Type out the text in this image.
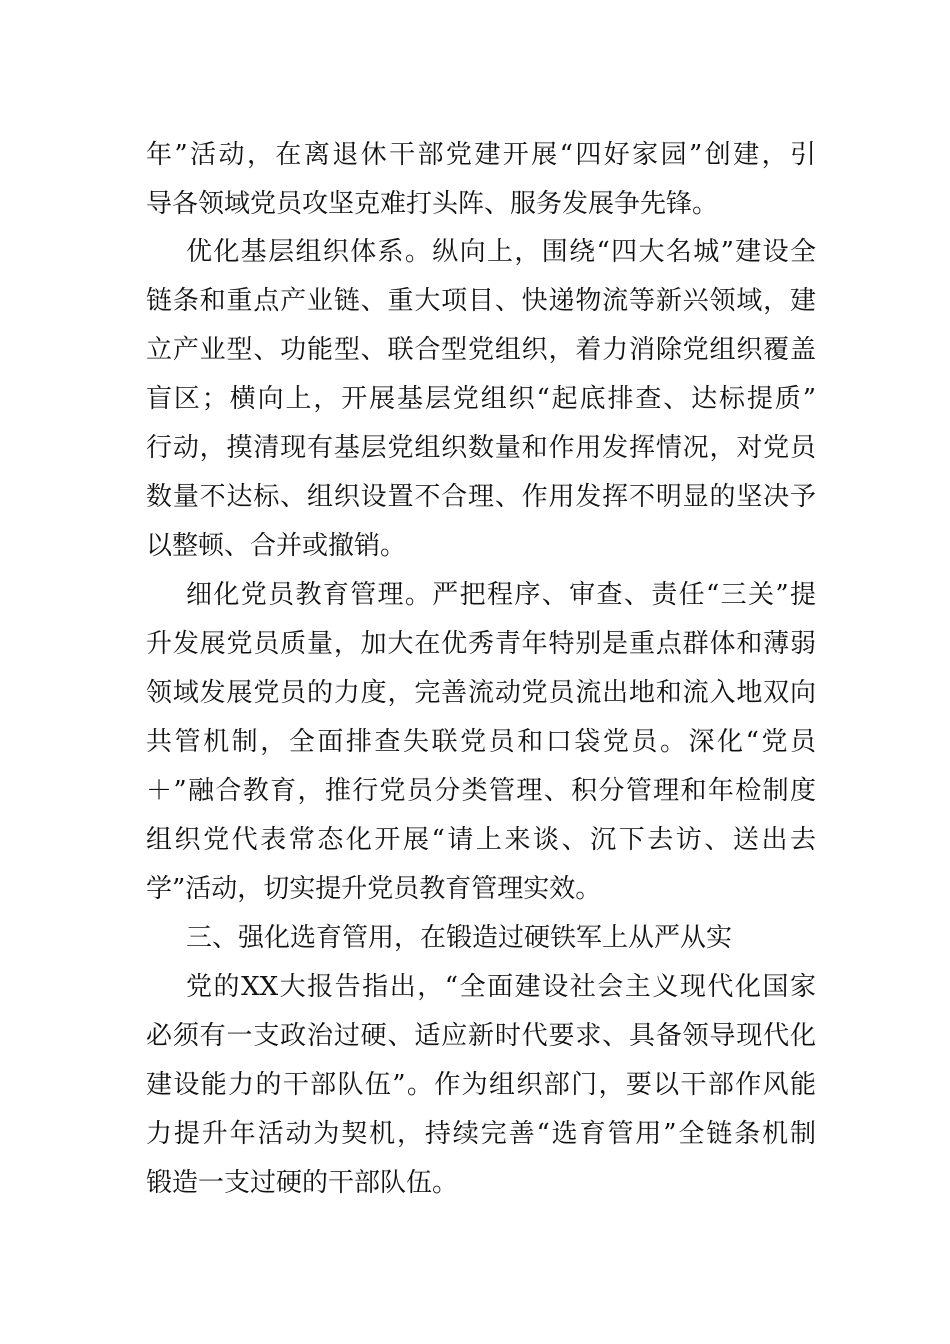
年”活动，在离退休干部党建开展“四好家园”创建，引
导各领域党员攻坚克难打头阵、服务发展争先锋。
优化基层组织体系。纵向上，围绕“四大名城”建设全
链条和重点产业链、重大项目、快递物流等新兴领域，建
立产业型、功能型、联合型党组织，着力消除党组织覆盖
盲区；横向上，开展基层党组织“起底排查、达标提质”
行动，摸清现有基层党组织数量和作用发挥情况，对党员
数量不达标、组织设置不合理、作用发挥不明显的坚决予
以整顿、合并或撤销。
细化党员教育管理。严把程序、审查、责任“三关”提
升发展党员质量，加大在优秀青年特别是重点群体和薄弱
领域发展党员的力度，完善流动党员流出地和流入地双向
共管机制，全面排查失联党员和口袋党员。深化“党员
＋”融合教育，推行党员分类管理、积分管理和年检制度
组织党代表常态化开展“请上来谈、沉下去访、送出去
学”活动，切实提升党员教育管理实效。
三、强化选育管用，在锻造过硬铁军上从严从实
党的XX大报告指出，“全面建设社会主义现代化国家
必须有一支政治过硬、适应新时代要求、具备领导现代化
建设能力的干部队伍”。作为组织部门，要以干部作风能
力提升年活动为契机，持续完善“选育管用”全链条机制
锻造一支过硬的干部队伍。
